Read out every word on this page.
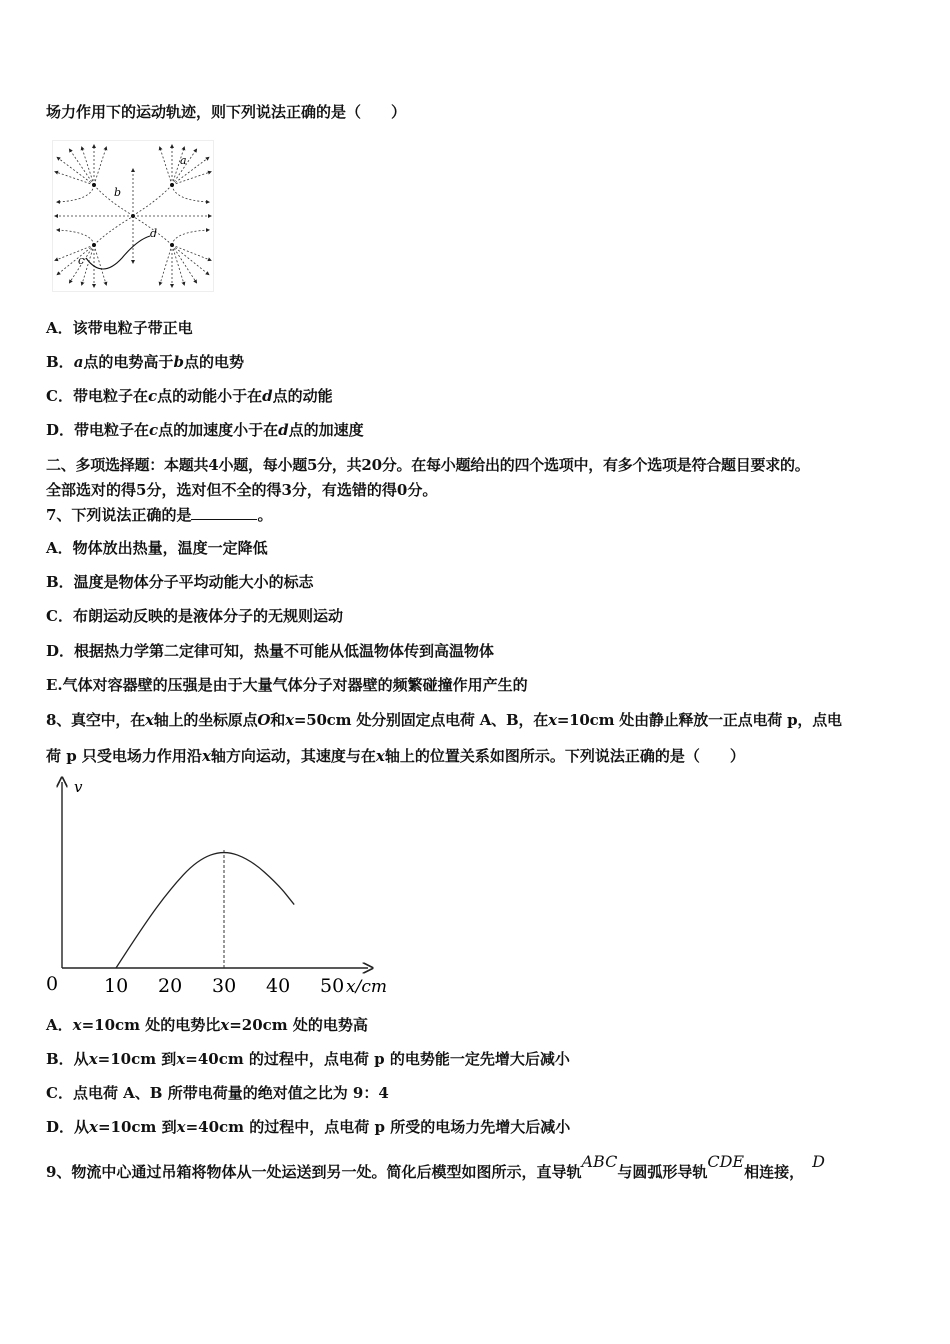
场力作用下的运动轨迹，则下列说法正确的是（　　）
a
b
c
d
A．该带电粒子带正电
B．a点的电势高于b点的电势
C．带电粒子在c点的动能小于在d点的动能
D．带电粒子在c点的加速度小于在d点的加速度
二、多项选择题：本题共4小题，每小题5分，共20分。在每小题给出的四个选项中，有多个选项是符合题目要求的。
全部选对的得5分，选对但不全的得3分，有选错的得0分。
7、下列说法正确的是	。
A．物体放出热量，温度一定降低
B．温度是物体分子平均动能大小的标志
C．布朗运动反映的是液体分子的无规则运动
D．根据热力学第二定律可知，热量不可能从低温物体传到高温物体
E.气体对容器壁的压强是由于大量气体分子对器壁的频繁碰撞作用产生的
8、真空中，在x轴上的坐标原点O和x=50cm 处分别固定点电荷 A、B，在x=10cm 处由静止释放一正点电荷 p，点电
荷 p 只受电场力作用沿x轴方向运动，其速度与在x轴上的位置关系如图所示。下列说法正确的是（　　）
v
0	x/cm
10 20 30 40 50
A．x=10cm 处的电势比x=20cm 处的电势高
B．从x=10cm 到x=40cm 的过程中，点电荷 p 的电势能一定先增大后减小
C．点电荷 A、B 所带电荷量的绝对值之比为 9：4
D．从x=10cm 到x=40cm 的过程中，点电荷 p 所受的电场力先增大后减小
9、物流中心通过吊箱将物体从一处运送到另一处。简化后模型如图所示，直导轨ABC与圆弧形导轨CDE相连接，D
